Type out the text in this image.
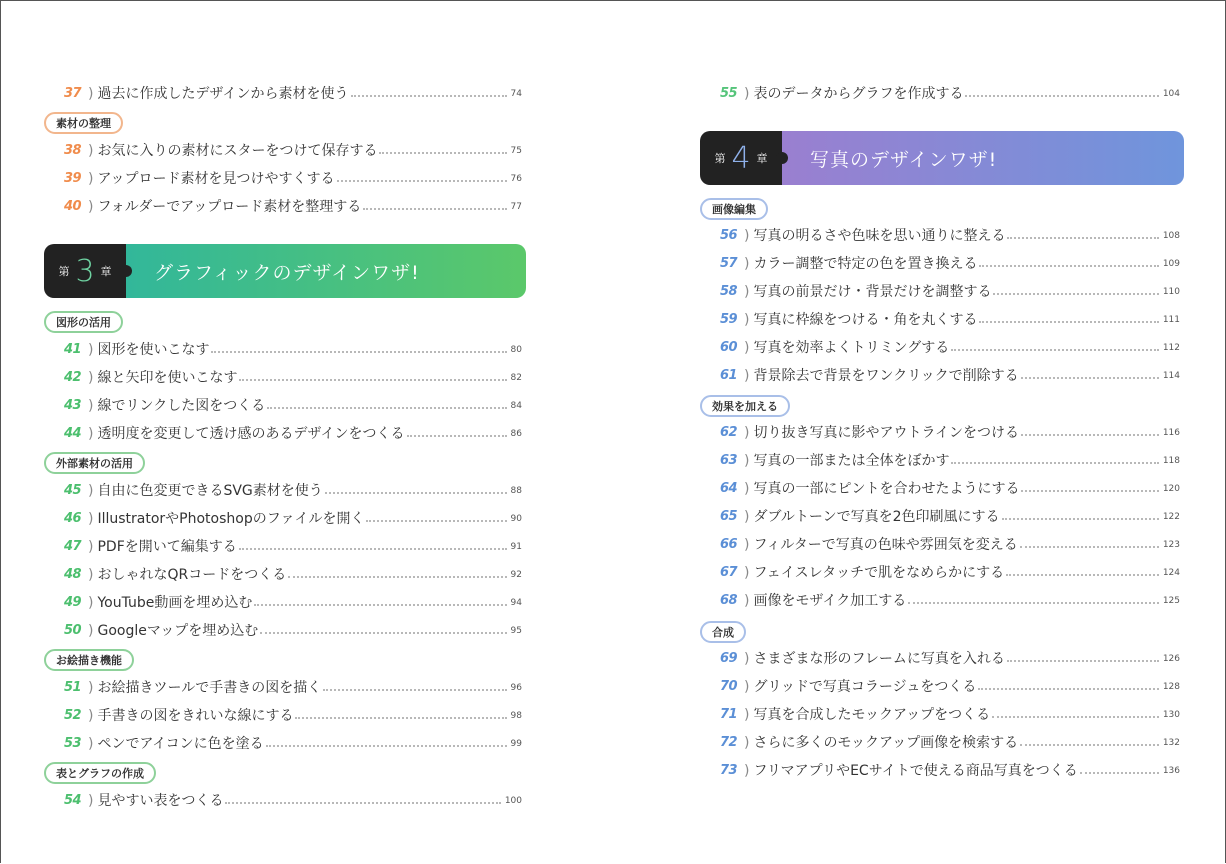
37 ) 過去に作成したデザインから素材を使う	74
素材の整理
38 ) お気に入りの素材にスターをつけて保存する	75
39 ) アップロード素材を見つけやすくする	76
40 ) フォルダーでアップロード素材を整理する	77
第 3 章	グラフィックのデザインワザ!
図形の活用
41 ) 図形を使いこなす	80
42 ) 線と矢印を使いこなす	82
43 ) 線でリンクした図をつくる	84
44 ) 透明度を変更して透け感のあるデザインをつくる	86
外部素材の活用
45 ) 自由に色変更できるSVG素材を使う	88
46 ) IllustratorやPhotoshopのファイルを開く	90
47 ) PDFを開いて編集する	91
48 ) おしゃれなQRコードをつくる	92
49 ) YouTube動画を埋め込む	94
50 ) Googleマップを埋め込む	95
お絵描き機能
51 ) お絵描きツールで手書きの図を描く	96
52 ) 手書きの図をきれいな線にする	98
53 ) ペンでアイコンに色を塗る	99
表とグラフの作成
54 ) 見やすい表をつくる	100
55 ) 表のデータからグラフを作成する	104
第 4 章	写真のデザインワザ!
画像編集
56 ) 写真の明るさや色味を思い通りに整える	108
57 ) カラー調整で特定の色を置き換える	109
58 ) 写真の前景だけ・背景だけを調整する	110
59 ) 写真に枠線をつける・角を丸くする	111
60 ) 写真を効率よくトリミングする	112
61 ) 背景除去で背景をワンクリックで削除する	114
効果を加える
62 ) 切り抜き写真に影やアウトラインをつける	116
63 ) 写真の一部または全体をぼかす	118
64 ) 写真の一部にピントを合わせたようにする	120
65 ) ダブルトーンで写真を2色印刷風にする	122
66 ) フィルターで写真の色味や雰囲気を変える	123
67 ) フェイスレタッチで肌をなめらかにする	124
68 ) 画像をモザイク加工する	125
合成
69 ) さまざまな形のフレームに写真を入れる	126
70 ) グリッドで写真コラージュをつくる	128
71 ) 写真を合成したモックアップをつくる	130
72 ) さらに多くのモックアップ画像を検索する	132
73 ) フリマアプリやECサイトで使える商品写真をつくる	136
